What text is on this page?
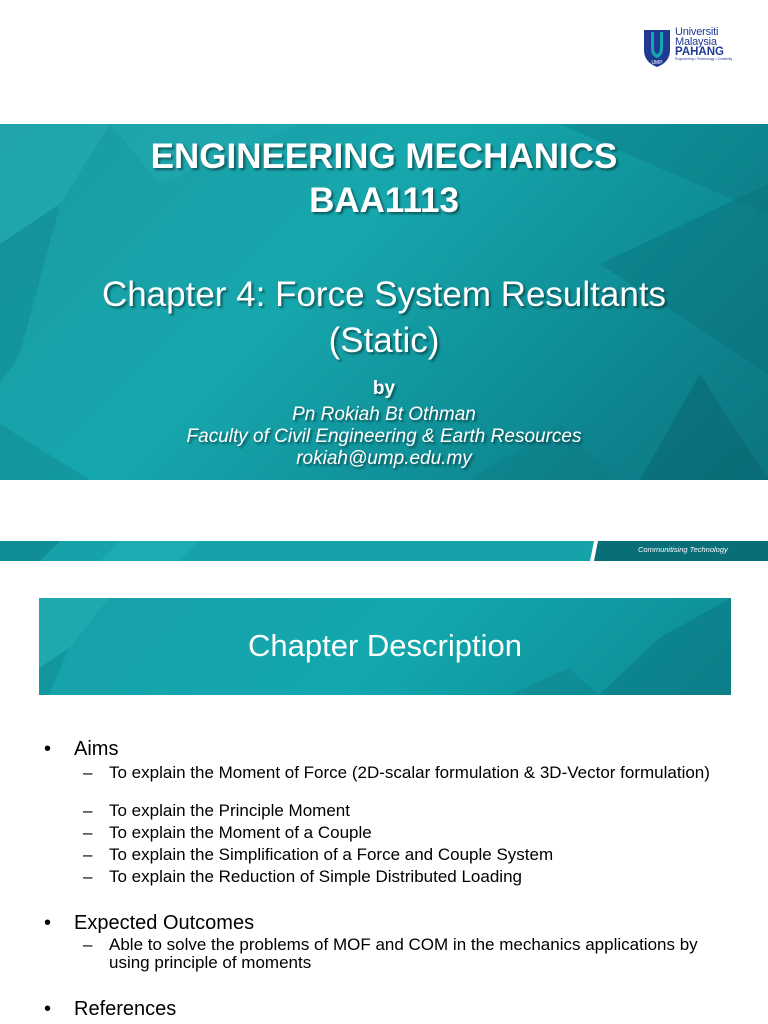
UMP
Universiti
Malaysia
PAHANG
Engineering • Technology • Creativity
ENGINEERING MECHANICS
BAA1113
Chapter 4: Force System Resultants
(Static)
by
Pn Rokiah Bt Othman
Faculty of Civil Engineering & Earth Resources
rokiah@ump.edu.my
Communitising Technology
Chapter Description
• Aims
– To explain the Moment of Force (2D-scalar formulation & 3D-Vector formulation)
– To explain the Principle Moment
– To explain the Moment of a Couple
– To explain the Simplification of a Force and Couple System
– To explain the Reduction of Simple Distributed Loading
• Expected Outcomes
– Able to solve the problems of MOF and COM in the mechanics applications by using principle of moments
• References
